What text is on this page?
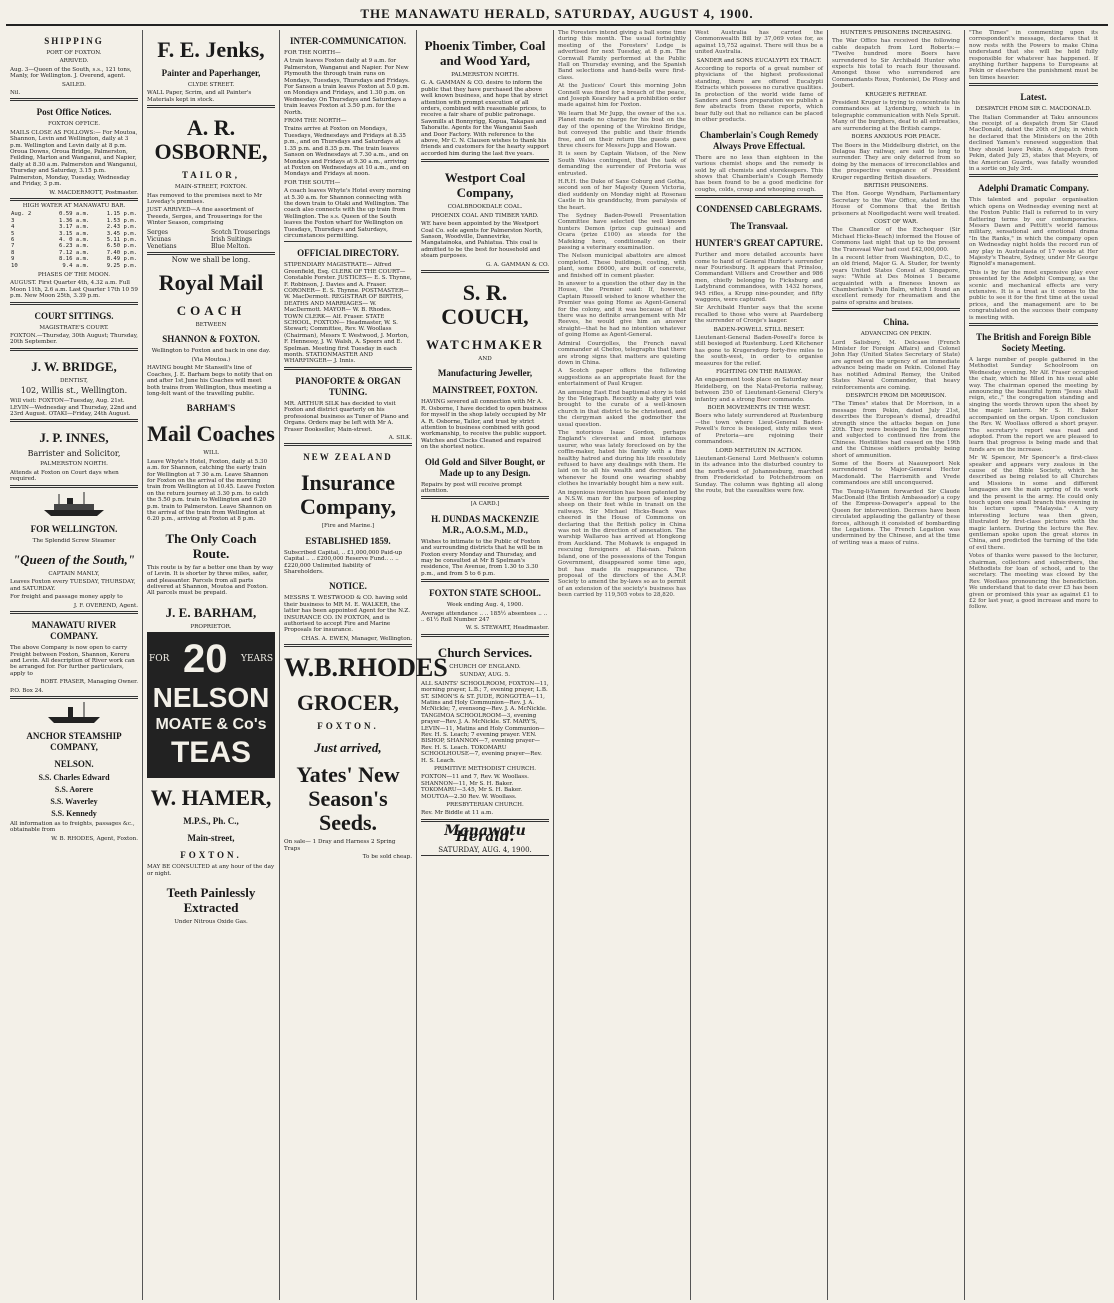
THE MANAWATU HERALD, SATURDAY, AUGUST 4, 1900.
SHIPPING
PORT OF FOXTON.
ARRIVED.

Aug. 3—Queen of the South, s.s., 121 tons, Manly, for Wellington. J. Overend, agent.

SAILED.

Nil.

Post Office Notices.
FOXTON OFFICE.

MAILS CLOSE AS FOLLOWS:— For Moutoa, Shannon, Levin and Wellington, daily at 3 p.m. Wellington and Levin daily at 8 p.m. Oroua Downs, Oroua Bridge, Palmerston, Feilding, Marton and Wanganui, and Napier, daily at 8.30 a.m. Palmerston and Wanganui, Thursday and Saturday, 3.15 p.m. Palmerston, Monday, Tuesday, Wednesday and Friday, 3 p.m.

W. MACDERMOTT, Postmaster.

HIGH WATER AT MANAWATU BAR.
Aug. 2	0.59 a.m.	1.15 p.m.
3	1.36 a.m.	1.53 p.m.
4	3.17 a.m.	2.43 p.m.
5	3.15 a.m.	3.45 p.m.
6	4. 0 a.m.	5.11 p.m.
7	6.23 a.m.	6.50 p.m.
8	7.12 a.m.	7.40 p.m.
9	8.16 a.m.	8.49 p.m.
10	9.4 a.m.	9.25 p.m.
PHASES OF THE MOON.

AUGUST. First Quarter 4th, 4.32 a.m. Full Moon 11th, 2.6 a.m. Last Quarter 17th 10 59 p.m. New Moon 25th, 3.39 p.m.

COURT SITTINGS.
MAGISTRATE'S COURT.

FOXTON.—Thursday, 30th August; Thursday, 20th September.

J. W. BRIDGE,
DENTIST,
102, Willis st., Wellington.

Will visit: FOXTON—Tuesday, Aug. 21st. LEVIN—Wednesday and Thursday, 22nd and 23rd August. OTAKI—Friday, 24th August.

J. P. INNES,
Barrister and Solicitor,
PALMERSTON NORTH.

Attends at Foxton on Court days when required.

FOR WELLINGTON.
The Splendid Screw Steamer
"Queen of the South,"
CAPTAIN MANLY,

Leaves Foxton every TUESDAY, THURSDAY, and SATURDAY.

For freight and passage money apply to

J. F. OVEREND, Agent.

MANAWATU RIVER COMPANY.

The above Company is now open to carry Freight between Foxton, Shannon, Kereru and Levin. All description of River work can be arranged for. For further particulars, apply to

ROBT. FRASER, Managing Owner.

P.O. Box 24.

ANCHOR STEAMSHIP COMPANY,
NELSON.
S.S. Charles Edward
S.S. Aorere
S.S. Waverley
S.S. Kennedy

All information as to freights, passages &c., obtainable from

W. B. RHODES, Agent, Foxton.

F. E. Jenks,
Painter and Paperhanger,
CLYDE STREET.

WALL Paper, Scrim, and all Painter's Materials kept in stock.

A. R. OSBORNE,
TAILOR,
MAIN-STREET, FOXTON.

Has removed to the premises next to Mr Loveday's premises.

JUST ARRIVED—A fine assortment of Tweeds, Serges, and Trouserings for the Winter Season, comprising

Serges	Scotch Trouserings
Vicunas	Irish Suitings
Venetians	Blue Melton.
Now we shall be long.
Royal Mail
COACH
BETWEEN
SHANNON & FOXTON.

Wellington to Foxton and back in one day.

(Via Moutoa.)

HAVING bought Mr Stansell's line of Coaches, J. E. Barham begs to notify that on and after 1st June his Coaches will meet both trains from Wellington, thus meeting a long-felt want of the travelling public.

BARHAM'S
Mail Coaches
WILL

Leave Whyte's Hotel, Foxton, daily at 5.30 a.m. for Shannon, catching the early train for Wellington at 7 30 a.m. Leave Shannon for Foxton on the arrival of the morning train from Wellington at 10.45. Leave Foxton on the return journey at 3.30 p.m. to catch the 5.50 p.m. train to Wellington and 6.20 p.m. train to Palmerston. Leave Shannon on the arrival of the train from Wellington at 6.20 p.m., arriving at Foxton at 8 p.m.

The Only Coach Route.

This route is by far a better one than by way of Levin. It is shorter by three miles, safer, and pleasanter. Parcels from all parts delivered at Shannon, Moutoa and Foxton. All parcels must be prepaid.

J. E. BARHAM,
PROPRIETOR.
FOR 20 YEARS
NELSON
MOATE & Co's
TEAS
W. HAMER,
M.P.S., Ph. C.,
Main-street,
FOXTON.

MAY BE CONSULTED at any hour of the day or night.

Teeth Painlessly Extracted
Under Nitrous Oxide Gas.
INTER-COMMUNICATION.

FOR THE NORTH—

A train leaves Foxton daily at 9 a.m. for Palmerston, Wanganui and Napier. For New Plymouth the through train runs on Mondays, Tuesdays, Thursdays and Fridays. For Sanson a train leaves Foxton at 5.0 p.m. on Mondays and Fridays, and 1.30 p.m. on Wednesday. On Thursdays and Saturdays a train leaves Foxton at 3.50 p.m. for the North.

FROM THE NORTH—

Trains arrive at Foxton on Mondays, Tuesdays, Wednesdays and Fridays at 8.35 p.m., and on Thursdays and Saturdays at 1.35 p.m. and 8.35 p.m. The train leaves Sanson on Wednesdays at 7.30 a.m., and on Mondays and Fridays at 9.30 a.m., arriving at Foxton on Wednesdays at 10 a.m., and on Mondays and Fridays at noon.

FOR THE SOUTH—

A coach leaves Whyte's Hotel every morning at 5.30 a.m. for Shannon connecting with the down train to Otaki and Wellington. The coach also connects with the up train from Wellington. The s.s. Queen of the South leaves the Foxton wharf for Wellington on Tuesdays, Thursdays and Saturdays, circumstances permitting.

OFFICIAL DIRECTORY.

STIPENDIARY MAGISTRATE— Alfred Greenfield, Esq. CLERK OF THE COURT— Constable Forster. JUSTICES— E. S. Thynne, F. Robinson, J. Davies and A. Fraser. CORONER— E. S. Thynne. POSTMASTER— W. MacDermott. REGISTRAR OF BIRTHS, DEATHS AND MARRIAGES— W. MacDermott. MAYOR— W. B. Rhodes. TOWN CLERK— Alf. Fraser. STATE SCHOOL, FOXTON— Headmaster, W. S. Stewart; Committee, Rev. W. Woollass (Chairman), Messrs T. Westwood, J. Morton, F. Hennessy, J. W. Walsh, A. Speers and E. Spelman. Meeting first Tuesday in each month. STATIONMASTER AND WHARFINGER— J. Innis.

PIANOFORTE & ORGAN TUNING.

MR. ARTHUR SILK has decided to visit Foxton and district quarterly on his professional business as Tuner of Piano and Organs. Orders may be left with Mr A. Fraser Bookseller, Main-street.

A. SILK.

NEW ZEALAND
Insurance Company,
[Fire and Marine.]
ESTABLISHED 1859.

Subscribed Capital, .. £1,000,000 Paid-up Capital .. .. £200,000 Reserve Fund.. .. .. £220,000 Unlimited liability of Shareholders.

NOTICE.

MESSRS T. WESTWOOD & CO. having sold their business to MR M. E. WALKER, the latter has been appointed Agent for the N.Z. INSURANCE CO. IN FOXTON, and is authorised to accept Fire and Marine Proposals for insurance.

CHAS. A. EWEN, Manager, Wellington.

W.B.RHODES
GROCER,
FOXTON.
Just arrived,
Yates' New Season's Seeds.

On sale— 1 Dray and Harness 2 Spring Traps

To be sold cheap.

Phoenix Timber, Coal and Wood Yard,
PALMERSTON NORTH.

G. A. GAMMAN & CO. desire to inform the public that they have purchased the above well known business, and hope that by strict attention with prompt execution of all orders, combined with reasonable prices, to receive a fair share of public patronage. Sawmills at Bonnyrigg, Kopua, Takapau and Tahoraite. Agents for the Wanganui Sash and Door Factory. With reference to the above, Mr C. N. Clausen wishes to thank his friends and customers for the hearty support accorded him during the last five years.

Westport Coal Company,
COALBROOKDALE COAL.
PHOENIX COAL AND TIMBER YARD.

WE have been appointed by the Westport Coal Co. sole agents for Palmerston North, Sanson, Woodville, Dannevirke, Mangatainoka, and Pahiatua. This coal is admitted to be the best for household and steam purposes.

G. A. GAMMAN & CO.

S. R. COUCH,
WATCHMAKER
AND
Manufacturing Jeweller,
MAINSTREET, FOXTON.

HAVING severed all connection with Mr A. R. Osborne, I have decided to open business for myself in the shop lately occupied by Mr A. R. Osborne, Tailor, and trust by strict attention to business combined with good workmanship, to receive the public support. Watches and Clocks Cleaned and repaired on the shortest notice.

Old Gold and Silver Bought, or Made up to any Design.

Repairs by post will receive prompt attention.

[A CARD.]
H. DUNDAS MACKENZIE M.R., A.O.S.M., M.D.,

Wishes to intimate to the Public of Foxton and surrounding districts that he will be in Foxton every Monday and Thursday, and may be consulted at Mr B Spelman's residence, The Avenue, from 1.30 to 3.30 p.m., and from 5 to 6 p.m.

FOXTON STATE SCHOOL.
Week ending Aug. 4, 1900.

Average attendance .. .. 185½ absentees .. .. .. 61½ Roll Number 247

W. S. STEWART, Headmaster.

Church Services.
CHURCH OF ENGLAND.
SUNDAY, AUG. 5.

ALL SAINTS' SCHOOLROOM, FOXTON—11, morning prayer, L.B.; 7, evening prayer, L.B. ST. SIMON'S & ST. JUDE, RONGOTEA—11, Matins and Holy Communion—Rev. J. A. McNickle; 7, evensong—Rev. J. A. McNickle. TANGIMOA SCHOOLROOM—3, evening prayer—Rev. J. A. McNickle. ST. MARY'S, LEVIN—11, Matins and Holy Communion—Rev. H. S. Leach; 7 evening prayer. VEN. BISHOP, SHANNON—7, evening prayer—Rev. H. S. Leach. TOKOMARU SCHOOLHOUSE—7, evening prayer—Rev. H. S. Leach.

PRIMITIVE METHODIST CHURCH.

FOXTON—11 and 7, Rev. W. Woollass. SHANNON—11, Mr S. H. Baker. TOKOMARU—3.45, Mr S. H. Baker. MOUTOA—2.30 Rev. W. Woollass.

PRESBYTERIAN CHURCH.

Rev. Mr Biddle at 11 a.m.

Manawatu Herald.
SATURDAY, AUG. 4, 1900.

The Foresters intend giving a ball some time during this month. The usual fortnightly meeting of the Foresters' Lodge is advertised for next Tuesday, at 8 p.m. The Cornwall Family performed at the Public Hall on Thursday evening, and the Spanish Band selections and hand-bells were first-class.

At the Justices' Court this morning John Connell was fined for a breach of the peace, and Joseph Kearsley had a prohibition order made against him for Foxton.

We learn that Mr Jupp, the owner of the s.s. Planet made no charge for his boat on the day of the opening of the Wirokino Bridge, but conveyed the public and their friends free, and on their return the guests gave three cheers for Messrs Jupp and Howan.

It is seen by Captain Watson, of the New South Wales contingent, that the task of demanding the surrender of Pretoria was entrusted.

H.R.H. the Duke of Saxe Coburg and Gotha, second son of her Majesty Queen Victoria, died suddenly on Monday night at Rosenau Castle in his grandduchy, from paralysis of the heart.

The Sydney Baden-Powell Presentation Committee have selected the well known hunters Demon (prize cup guineas) and Ocara (prize £100) as steeds for the Mafeking hero, conditionally on their passing a veterinary examination.

The Nelson municipal abattoirs are almost completed. These buildings, costing, with plant, some £6000, are built of concrete, and finished off in cement plaster.

In answer to a question the other day in the House, the Premier said: If, however, Captain Russell wished to know whether the Premier was going Home as Agent-General for the colony, and it was because of that there was no definite arrangement with Mr Reeves, he would give him an answer straight—that he had no intention whatever of going Home as Agent-General.

Admiral Courrjolles, the French naval commander at Chefoo, telegraphs that there are strong signs that matters are quieting down in China.

A Scotch paper offers the following suggestions as an appropriate feast for the entertainment of Paul Kruger.

An amusing East End baptismal story is told by the Telegraph. Recently a baby girl was brought to the curate of a well-known church in that district to be christened, and the clergyman asked the godmother the usual question.

The notorious Isaac Gordon, perhaps England's cleverest and most infamous usurer, who was lately foreclosed on by the coffin-maker, hated his family with a fine healthy hatred and during his life resolutely refused to have any dealings with them. He laid on to all his wealth and decreed and whenever he found one wearing shabby clothes he invariably bought him a new suit.

An ingenious invention has been patented by a N.S.W. man for the purpose of keeping sheep on their feet while in transit on the railways. Sir Michael Hicks-Beach was cheered in the House of Commons on declaring that the British policy in China was not in the direction of annexation. The warship Wallaroo has arrived at Hongkong from Auckland. The Mohawk is engaged in rescuing foreigners at Hai-nan. Falcon Island, one of the possessions of the Tongan Government, disappeared some time ago, but has made its reappearance. The proposal of the directors of the A.M.P. Society to amend the by-laws so as to permit of an extension of the society's business has been carried by 119,505 votes to 28,820.

West Australia has carried the Commonwealth Bill by 37,069 votes for, as against 15,752 against. There will thus be a united Australia.

SANDER and SONS EUCALYPTI EX TRACT.

According to reports of a great number of physicians of the highest professional standing, there are offered Eucalypti Extracts which possess no curative qualities. In protection of the world wide fame of Sanders and Sons preparation we publish a few abstracts from these reports, which bear fully out that no reliance can be placed in other products.

Chamberlain's Cough Remedy Always Prove Effectual.

There are no less than eighteen in the various chemist shops and the remedy is sold by all chemists and storekeepers. This shows that Chamberlain's Cough Remedy has been found to be a good medicine for coughs, colds, croup and whooping cough.

CONDENSED CABLEGRAMS.
The Transvaal.
HUNTER'S GREAT CAPTURE.

Further and more detailed accounts have come to hand of General Hunter's surrender near Fouriesburg. It appears that Prinsloo, Commandant Villiers and Crowther and 986 men, chiefly belonging to Ficksburg and Ladybrand commandoes, with 1432 horses, 945 rifles, a Krupp nine-pounder, and fifty waggons, were captured.

Sir Archibald Hunter says that the scene recalled to those who were at Paardeberg the surrender of Cronje's laager.

BADEN-POWELL STILL BESET.

Lieutenant-General Baden-Powell's force is still besieged at Rustenburg. Lord Kitchener has gone to Krugersdorp forty-five miles to the south-west, in order to organise measures for the relief.

FIGHTING ON THE RAILWAY.

An engagement took place on Saturday near Heidelberg, on the Natal-Pretoria railway, between 250 of Lieutenant-General Clery's infantry and a strong Boer commando.

BOER MOVEMENTS IN THE WEST.

Boers who lately surrendered at Rustenburg—the town where Lieut-General Baden-Powell's force is besieged, sixty miles west of Pretoria—are rejoining their commandoes.

LORD METHUEN IN ACTION.

Lieutenant-General Lord Methuen's column in its advance into the disturbed country to the north-west of Johannesburg, marched from Frederickstad to Potchefstroom on Sunday. The column was fighting all along the route, but the casualties were few.

HUNTER'S PRISONERS INCREASING.

The War Office has received the following cable despatch from Lord Roberts:— "Twelve hundred more Boers have surrendered to Sir Archibald Hunter who expects his total to reach four thousand. Amongst those who surrendered are Commandants Roux, Fonteniel, De Plooy and Joubert.

KRUGER'S RETREAT.

President Kruger is trying to concentrate his commandoes at Lydenburg, which is in telegraphic communication with Nels Spruit. Many of the burghers, deaf to all entreaties, are surrendering at the British camps.

BOERS ANXIOUS FOR PEACE.

The Boers in the Middelburg district, on the Delagoa Bay railway, are said to long to surrender. They are only deterred from so doing by the menaces of irreconcilables and the prospective vengeance of President Kruger regarding British disasters.

BRITISH PRISONERS.

The Hon. George Wyndham, Parliamentary Secretary to the War Office, stated in the House of Commons that the British prisoners at Nooitgedacht were well treated.

COST OF WAR.

The Chancellor of the Exchequer (Sir Michael Hicks-Beach) informed the House of Commons last night that up to the present the Transvaal War had cost £42,000,000.

In a recent letter from Washington, D.C., to an old friend, Major G. A. Studer, for twenty years United States Consul at Singapore, says: "While at Des Moines I became acquainted with a fineness known as Chamberlain's Pain Balm, which I found an excellent remedy for rheumatism and the pains of sprains and bruises.

China.
ADVANCING ON PEKIN.

Lord Salisbury, M. Delcasse (French Minister for Foreign Affairs) and Colonel John Hay (United States Secretary of State) are agreed on the urgency of an immediate advance being made on Pekin. Colonel Hay has notified Admiral Remey, the United States Naval Commander, that heavy reinforcements are coming.

DESPATCH FROM DR MORRISON.

"The Times" states that Dr Morrison, in a message from Pekin, dated July 21st, describes the European's dismal, dreadful strength since the attacks began on June 20th. They were besieged in the Legations and subjected to continued fire from the Chinese. Hostilities had ceased on the 19th and the Chinese soldiers probably being short of ammunition.

Some of the Boers at Naauwpoort Nek surrendered to Major-General Hector Macdonald. The Harrismith and Vrede commandoes are still unconquered.

The Tsung-li-Yamen forwarded Sir Claude MacDonald (the British Ambassador) a copy of the Empress-Dowager's appeal to the Queen for intervention. Decrees have been circulated applauding the gallantry of these forces, although it consisted of bombarding the Legations. The French Legation was undermined by the Chinese, and at the time of writing was a mass of ruins.

"The Times" in commenting upon its correspondent's message, declares that it now rests with the Powers to make China understand that she will be held fully responsible for whatever has happened. If anything further happens to Europeans at Pekin or elsewhere the punishment must be ten times heavier.

Latest.
DESPATCH FROM SIR C. MACDONALD.

The Italian Commander at Taku announces the receipt of a despatch from Sir Claud MacDonald, dated the 20th of July, in which he declared that the Ministers on the 20th declined Yamen's renewed suggestion that they should leave Pekin. A despatch from Pekin, dated July 25, states that Meyers, of the American Guards, was fatally wounded in a sortie on July 3rd.

Adelphi Dramatic Company.

This talented and popular organisation which opens on Wednesday evening next at the Foxton Public Hall is referred to in very flattering terms by our contemporaries. Messrs Dawn and Pettitt's world famous military, sensational and emotional drama "In the Ranks," in which the company open on Wednesday night holds the record run of any play in Australasia of 17 weeks at Her Majesty's Theatre, Sydney, under Mr George Rignold's management.

This is by far the most expensive play ever presented by the Adelphi Company, as the scenic and mechanical effects are very extensive. It is a treat as it comes to the public to see it for the first time at the usual prices, and the management are to be congratulated on the success their company is meeting with.

The British and Foreign Bible Society Meeting.

A large number of people gathered in the Methodist Sunday Schoolroom on Wednesday evening. Mr Alf. Fraser occupied the chair, which he filled in his usual able way. The chairman opened the meeting by announcing the beautiful hymn "Jesus shall reign, etc.," the congregation standing and singing the words thrown upon the sheet by the magic lantern. Mr S. H. Baker accompanied on the organ. Upon conclusion the Rev. W. Woollass offered a short prayer. The secretary's report was read and adopted. From the report we are pleased to learn that progress is being made and that funds are on the increase.

Mr W. Spencer, Mr Spencer's a first-class speaker and appears very zealous in the cause of the Bible Society, which he described as being related to all Churches and Missions in some and different languages are the main spring of its work and the present is the army. He could only touch upon one small branch this evening in his lecture upon "Malaysia." A very interesting lecture was then given, illustrated by first-class pictures with the magic lantern. During the lecture the Rev. gentleman spoke upon the great stores in China, and predicted the turning of the tide of evil there.

Votes of thanks were passed to the lecturer, chairman, collectors and subscribers, the Methodists for loan of school, and to the secretary. The meeting was closed by the Rev. Woollass pronouncing the benediction. We understand that to date over £5 has been given or promised this year as against £1 to £2 for last year, a good increase and more to follow.
